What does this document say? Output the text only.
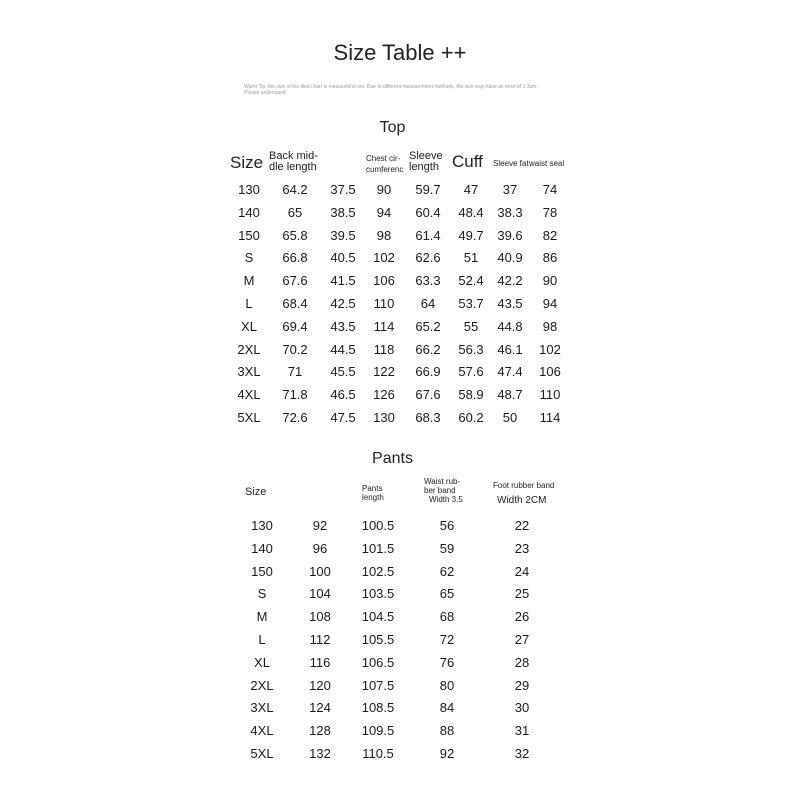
Size Table ++
Warm Tip: the size of the tiled chart is measured in cm. Due to different measurement methods, the size may have an error of 1-3cm.
Please understand
Top
Size Back mid-
dle length
Chest cir-
cumferenc
Sleeve
length Cuff Sleeve fat waist seal
130 64.2 37.5 90 59.7 47 37 74
140 65 38.5 94 60.4 48.4 38.3 78
150 65.8 39.5 98 61.4 49.7 39.6 82
S 66.8 40.5 102 62.6 51 40.9 86
M 67.6 41.5 106 63.3 52.4 42.2 90
L 68.4 42.5 110 64 53.7 43.5 94
XL 69.4 43.5 114 65.2 55 44.8 98
2XL 70.2 44.5 118 66.2 56.3 46.1 102
3XL 71 45.5 122 66.9 57.6 47.4 106
4XL 71.8 46.5 126 67.6 58.9 48.7 110
5XL 72.6 47.5 130 68.3 60.2 50 114
Pants
Size	Pants
length
Waist rub-
ber band
Width 3.5
Foot rubber band
Width 2CM
130	92	100.5	56	22
140	96	101.5	59	23
150	100 102.5	62	24
S	104 103.5	65	25
M	108 104.5	68	26
L	112 105.5	72	27
XL	116 106.5	76	28
2XL	120 107.5	80	29
3XL	124 108.5	84	30
4XL	128 109.5	88	31
5XL	132 110.5	92	32
